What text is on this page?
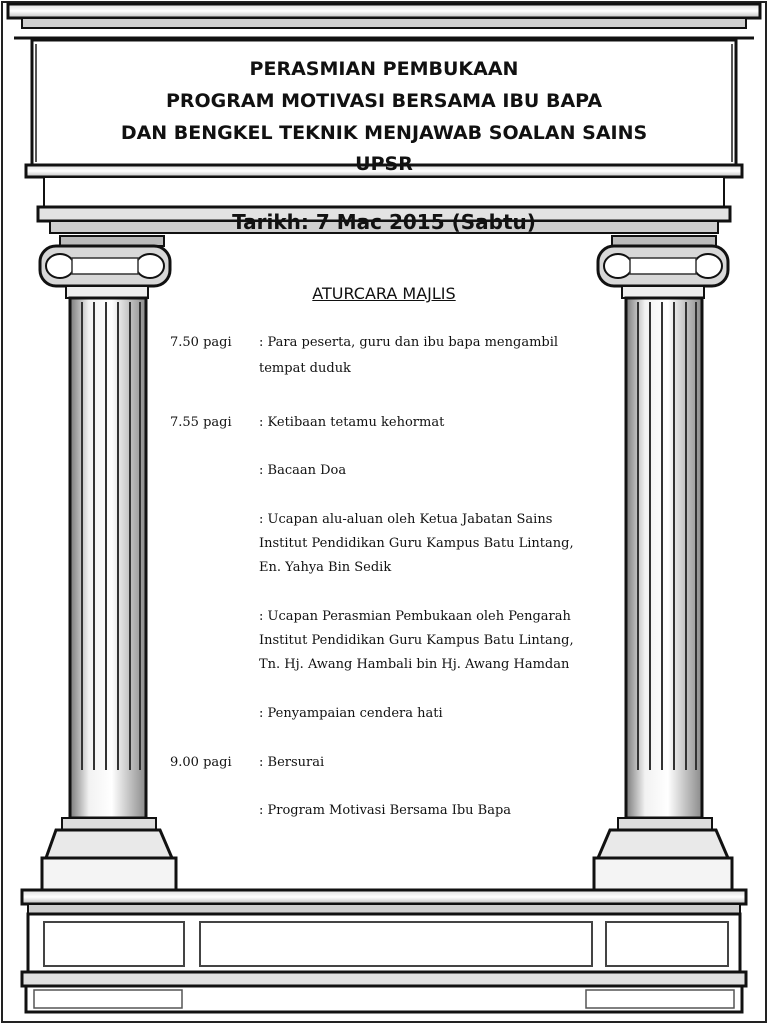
PERASMIAN PEMBUKAAN
PROGRAM MOTIVASI BERSAMA IBU BAPA
DAN BENGKEL TEKNIK MENJAWAB SOALAN SAINS
UPSR
Tarikh: 7 Mac 2015 (Sabtu)
ATURCARA MAJLIS
7.50 pagi : Para peserta, guru dan ibu bapa mengambil
tempat duduk
7.55 pagi : Ketibaan tetamu kehormat
: Bacaan Doa
: Ucapan alu-aluan oleh Ketua Jabatan Sains
Institut Pendidikan Guru Kampus Batu Lintang,
En. Yahya Bin Sedik
: Ucapan Perasmian Pembukaan oleh Pengarah
Institut Pendidikan Guru Kampus Batu Lintang,
Tn. Hj. Awang Hambali bin Hj. Awang Hamdan
: Penyampaian cendera hati
9.00 pagi : Bersurai
: Program Motivasi Bersama Ibu Bapa
